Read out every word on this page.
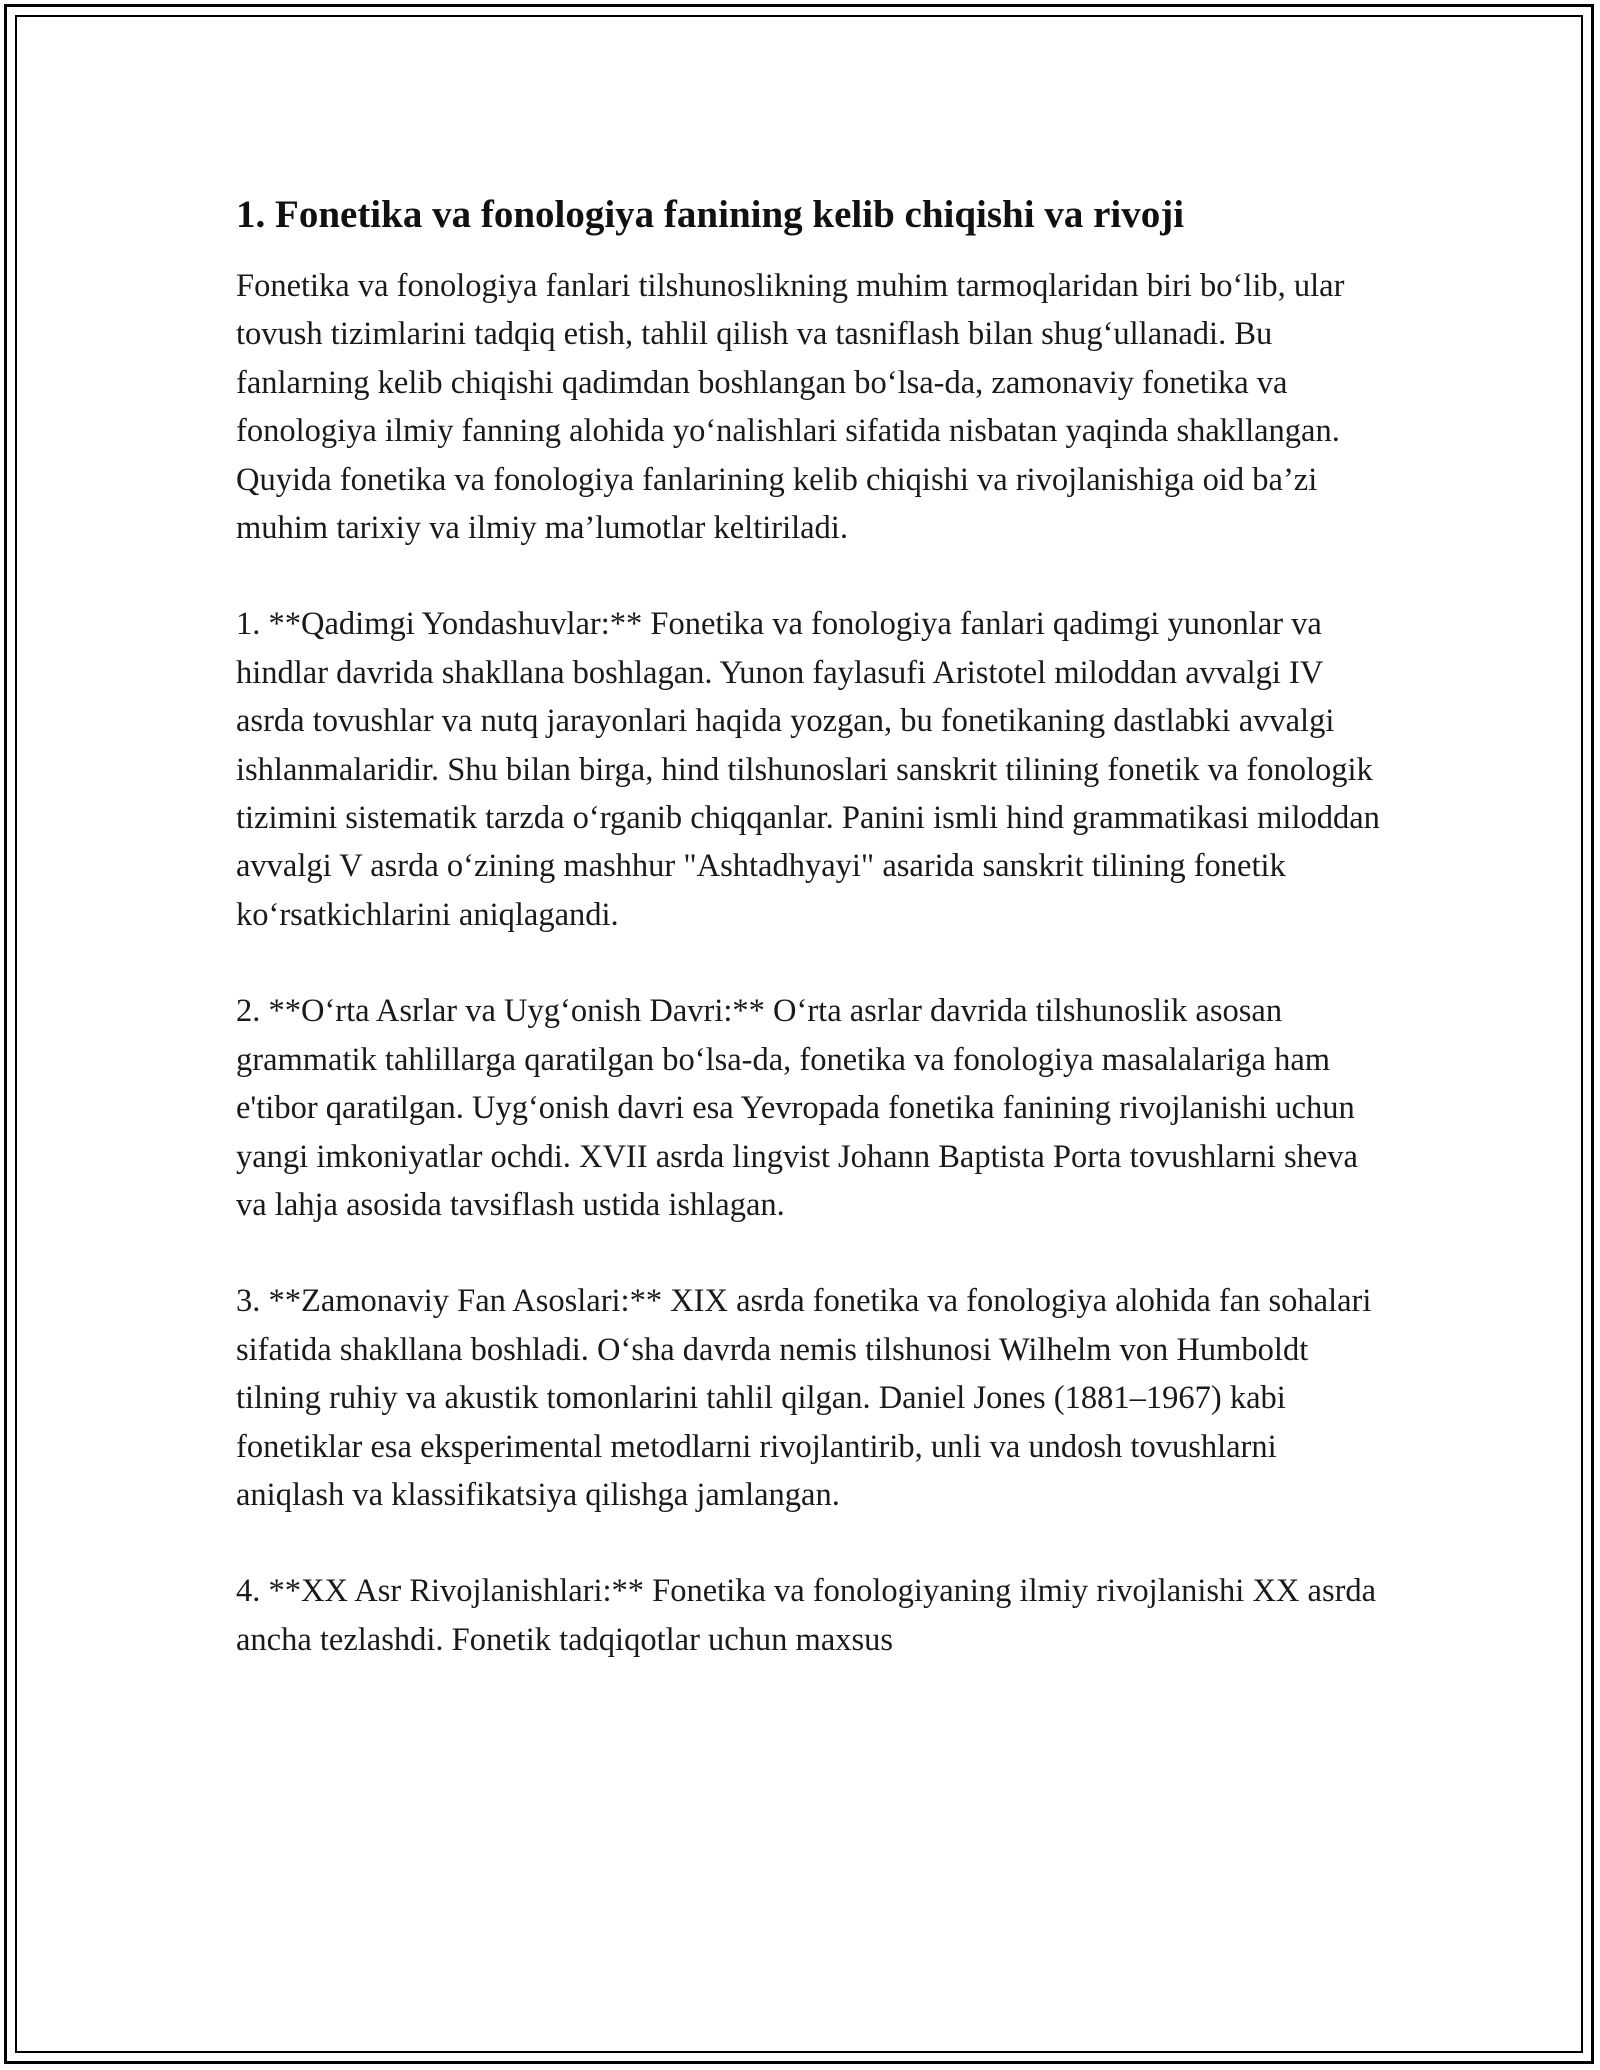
1. Fonetika va fonologiya fanining kelib chiqishi va rivoji

Fonetika va fonologiya fanlari tilshunoslikning muhim tarmoqlaridan biri bo‘lib, ular tovush tizimlarini tadqiq etish, tahlil qilish va tasniflash bilan shug‘ullanadi. Bu fanlarning kelib chiqishi qadimdan boshlangan bo‘lsa-da, zamonaviy fonetika va fonologiya ilmiy fanning alohida yo‘nalishlari sifatida nisbatan yaqinda shakllangan. Quyida fonetika va fonologiya fanlarining kelib chiqishi va rivojlanishiga oid ba’zi muhim tarixiy va ilmiy ma’lumotlar keltiriladi.

1. **Qadimgi Yondashuvlar:** Fonetika va fonologiya fanlari qadimgi yunonlar va hindlar davrida shakllana boshlagan. Yunon faylasufi Aristotel miloddan avvalgi IV asrda tovushlar va nutq jarayonlari haqida yozgan, bu fonetikaning dastlabki avvalgi ishlanmalaridir. Shu bilan birga, hind tilshunoslari sanskrit tilining fonetik va fonologik tizimini sistematik tarzda o‘rganib chiqqanlar. Panini ismli hind grammatikasi miloddan avvalgi V asrda o‘zining mashhur "Ashtadhyayi" asarida sanskrit tilining fonetik ko‘rsatkichlarini aniqlagandi.

2. **O‘rta Asrlar va Uyg‘onish Davri:** O‘rta asrlar davrida tilshunoslik asosan grammatik tahlillarga qaratilgan bo‘lsa-da, fonetika va fonologiya masalalariga ham e'tibor qaratilgan. Uyg‘onish davri esa Yevropada fonetika fanining rivojlanishi uchun yangi imkoniyatlar ochdi. XVII asrda lingvist Johann Baptista Porta tovushlarni sheva va lahja asosida tavsiflash ustida ishlagan.

3. **Zamonaviy Fan Asoslari:** XIX asrda fonetika va fonologiya alohida fan sohalari sifatida shakllana boshladi. O‘sha davrda nemis tilshunosi Wilhelm von Humboldt tilning ruhiy va akustik tomonlarini tahlil qilgan. Daniel Jones (1881–1967) kabi fonetiklar esa eksperimental metodlarni rivojlantirib, unli va undosh tovushlarni aniqlash va klassifikatsiya qilishga jamlangan.

4. **XX Asr Rivojlanishlari:** Fonetika va fonologiyaning ilmiy rivojlanishi XX asrda ancha tezlashdi. Fonetik tadqiqotlar uchun maxsus
